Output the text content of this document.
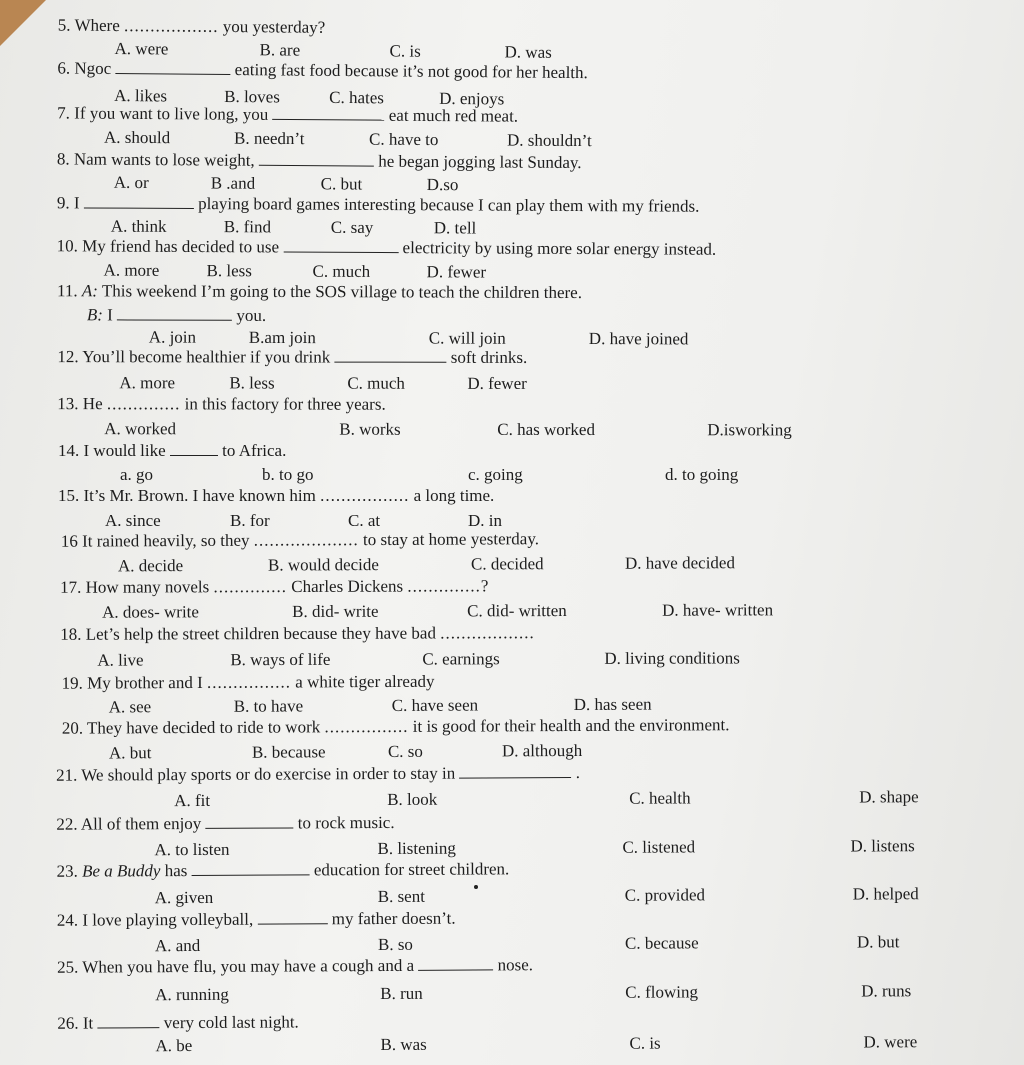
5. Where .................. you yesterday?
A. were	B. are	C. is	D. was
6. Ngoc	eating fast food because it’s not good for her health.
A. likes	B. loves	C. hates	D. enjoys
7. If you want to live long, you	eat much red meat.
A. should	B. needn’t	C. have to	D. shouldn’t
8. Nam wants to lose weight,	he began jogging last Sunday.
A. or	B .and	C. but	D.so
9. I	playing board games interesting because I can play them with my friends.
A. think	B. find	C. say	D. tell
10. My friend has decided to use	electricity by using more solar energy instead.
A. more	B. less	C. much	D. fewer
11. A: This weekend I’m going to the SOS village to teach the children there.
B: I	you.
A. join	B.am join	C. will join	D. have joined
12. You’ll become healthier if you drink	soft drinks.
A. more	B. less	C. much	D. fewer
13. He .............. in this factory for three years.
A. worked	B. works	C. has worked	D.isworking
14. I would like	to Africa.
a. go	b. to go	c. going	d. to going
15. It’s Mr. Brown. I have known him ................. a long time.
A. since	B. for	C. at	D. in
16 It rained heavily, so they .................... to stay at home yesterday.
A. decide	B. would decide	C. decided	D. have decided
17. How many novels .............. Charles Dickens ..............?
A. does- write	B. did- write	C. did- written	D. have- written
18. Let’s help the street children because they have bad ..................
A. live	B. ways of life	C. earnings	D. living conditions
19. My brother and I ................ a white tiger already
A. see	B. to have	C. have seen	D. has seen
20. They have decided to ride to work ................ it is good for their health and the environment.
A. but	B. because	C. so	D. although
21. We should play sports or do exercise in order to stay in	.
A. fit	B. look	C. health	D. shape
22. All of them enjoy	to rock music.
A. to listen	B. listening	C. listened	D. listens
23. Be a Buddy has	education for street children.
A. given	B. sent	C. provided	D. helped
24. I love playing volleyball,	my father doesn’t.
A. and	B. so	C. because	D. but
25. When you have flu, you may have a cough and a	nose.
A. running	B. run	C. flowing	D. runs
26. It	very cold last night.
A. be	B. was	C. is	D. were
